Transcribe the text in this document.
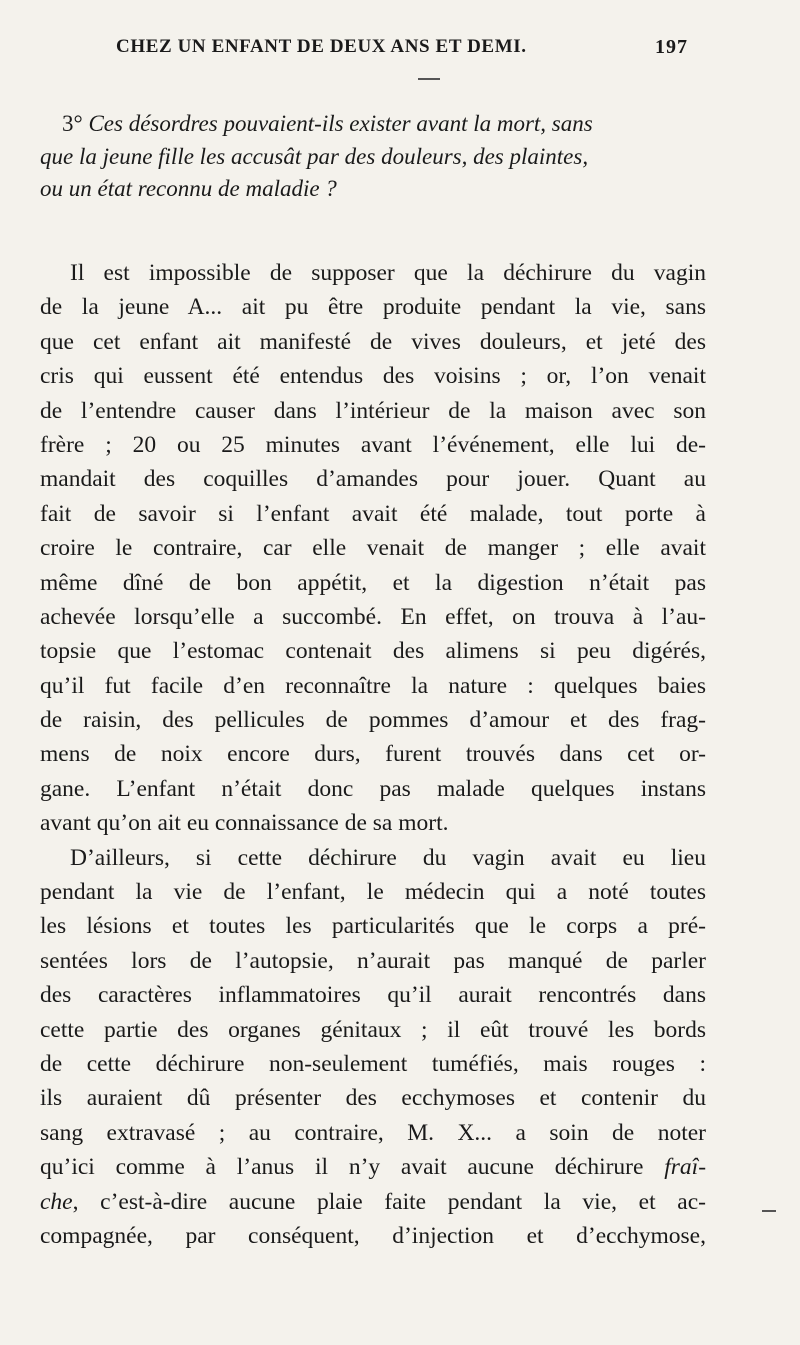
CHEZ UN ENFANT DE DEUX ANS ET DEMI.	197
3° Ces désordres pouvaient-ils exister avant la mort, sans
que la jeune fille les accusât par des douleurs, des plaintes,
ou un état reconnu de maladie ?
Il est impossible de supposer que la déchirure du vagin
de la jeune A... ait pu être produite pendant la vie, sans
que cet enfant ait manifesté de vives douleurs, et jeté des
cris qui eussent été entendus des voisins ; or, l’on venait
de l’entendre causer dans l’intérieur de la maison avec son
frère ; 20 ou 25 minutes avant l’événement, elle lui de-
mandait des coquilles d’amandes pour jouer. Quant au
fait de savoir si l’enfant avait été malade, tout porte à
croire le contraire, car elle venait de manger ; elle avait
même dîné de bon appétit, et la digestion n’était pas
achevée lorsqu’elle a succombé. En effet, on trouva à l’au-
topsie que l’estomac contenait des alimens si peu digérés,
qu’il fut facile d’en reconnaître la nature : quelques baies
de raisin, des pellicules de pommes d’amour et des frag-
mens de noix encore durs, furent trouvés dans cet or-
gane. L’enfant n’était donc pas malade quelques instans
avant qu’on ait eu connaissance de sa mort.
D’ailleurs, si cette déchirure du vagin avait eu lieu
pendant la vie de l’enfant, le médecin qui a noté toutes
les lésions et toutes les particularités que le corps a pré-
sentées lors de l’autopsie, n’aurait pas manqué de parler
des caractères inflammatoires qu’il aurait rencontrés dans
cette partie des organes génitaux ; il eût trouvé les bords
de cette déchirure non-seulement tuméfiés, mais rouges :
ils auraient dû présenter des ecchymoses et contenir du
sang extravasé ; au contraire, M. X... a soin de noter
qu’ici comme à l’anus il n’y avait aucune déchirure fraî-
che, c’est-à-dire aucune plaie faite pendant la vie, et ac-
compagnée, par conséquent, d’injection et d’ecchymose,
